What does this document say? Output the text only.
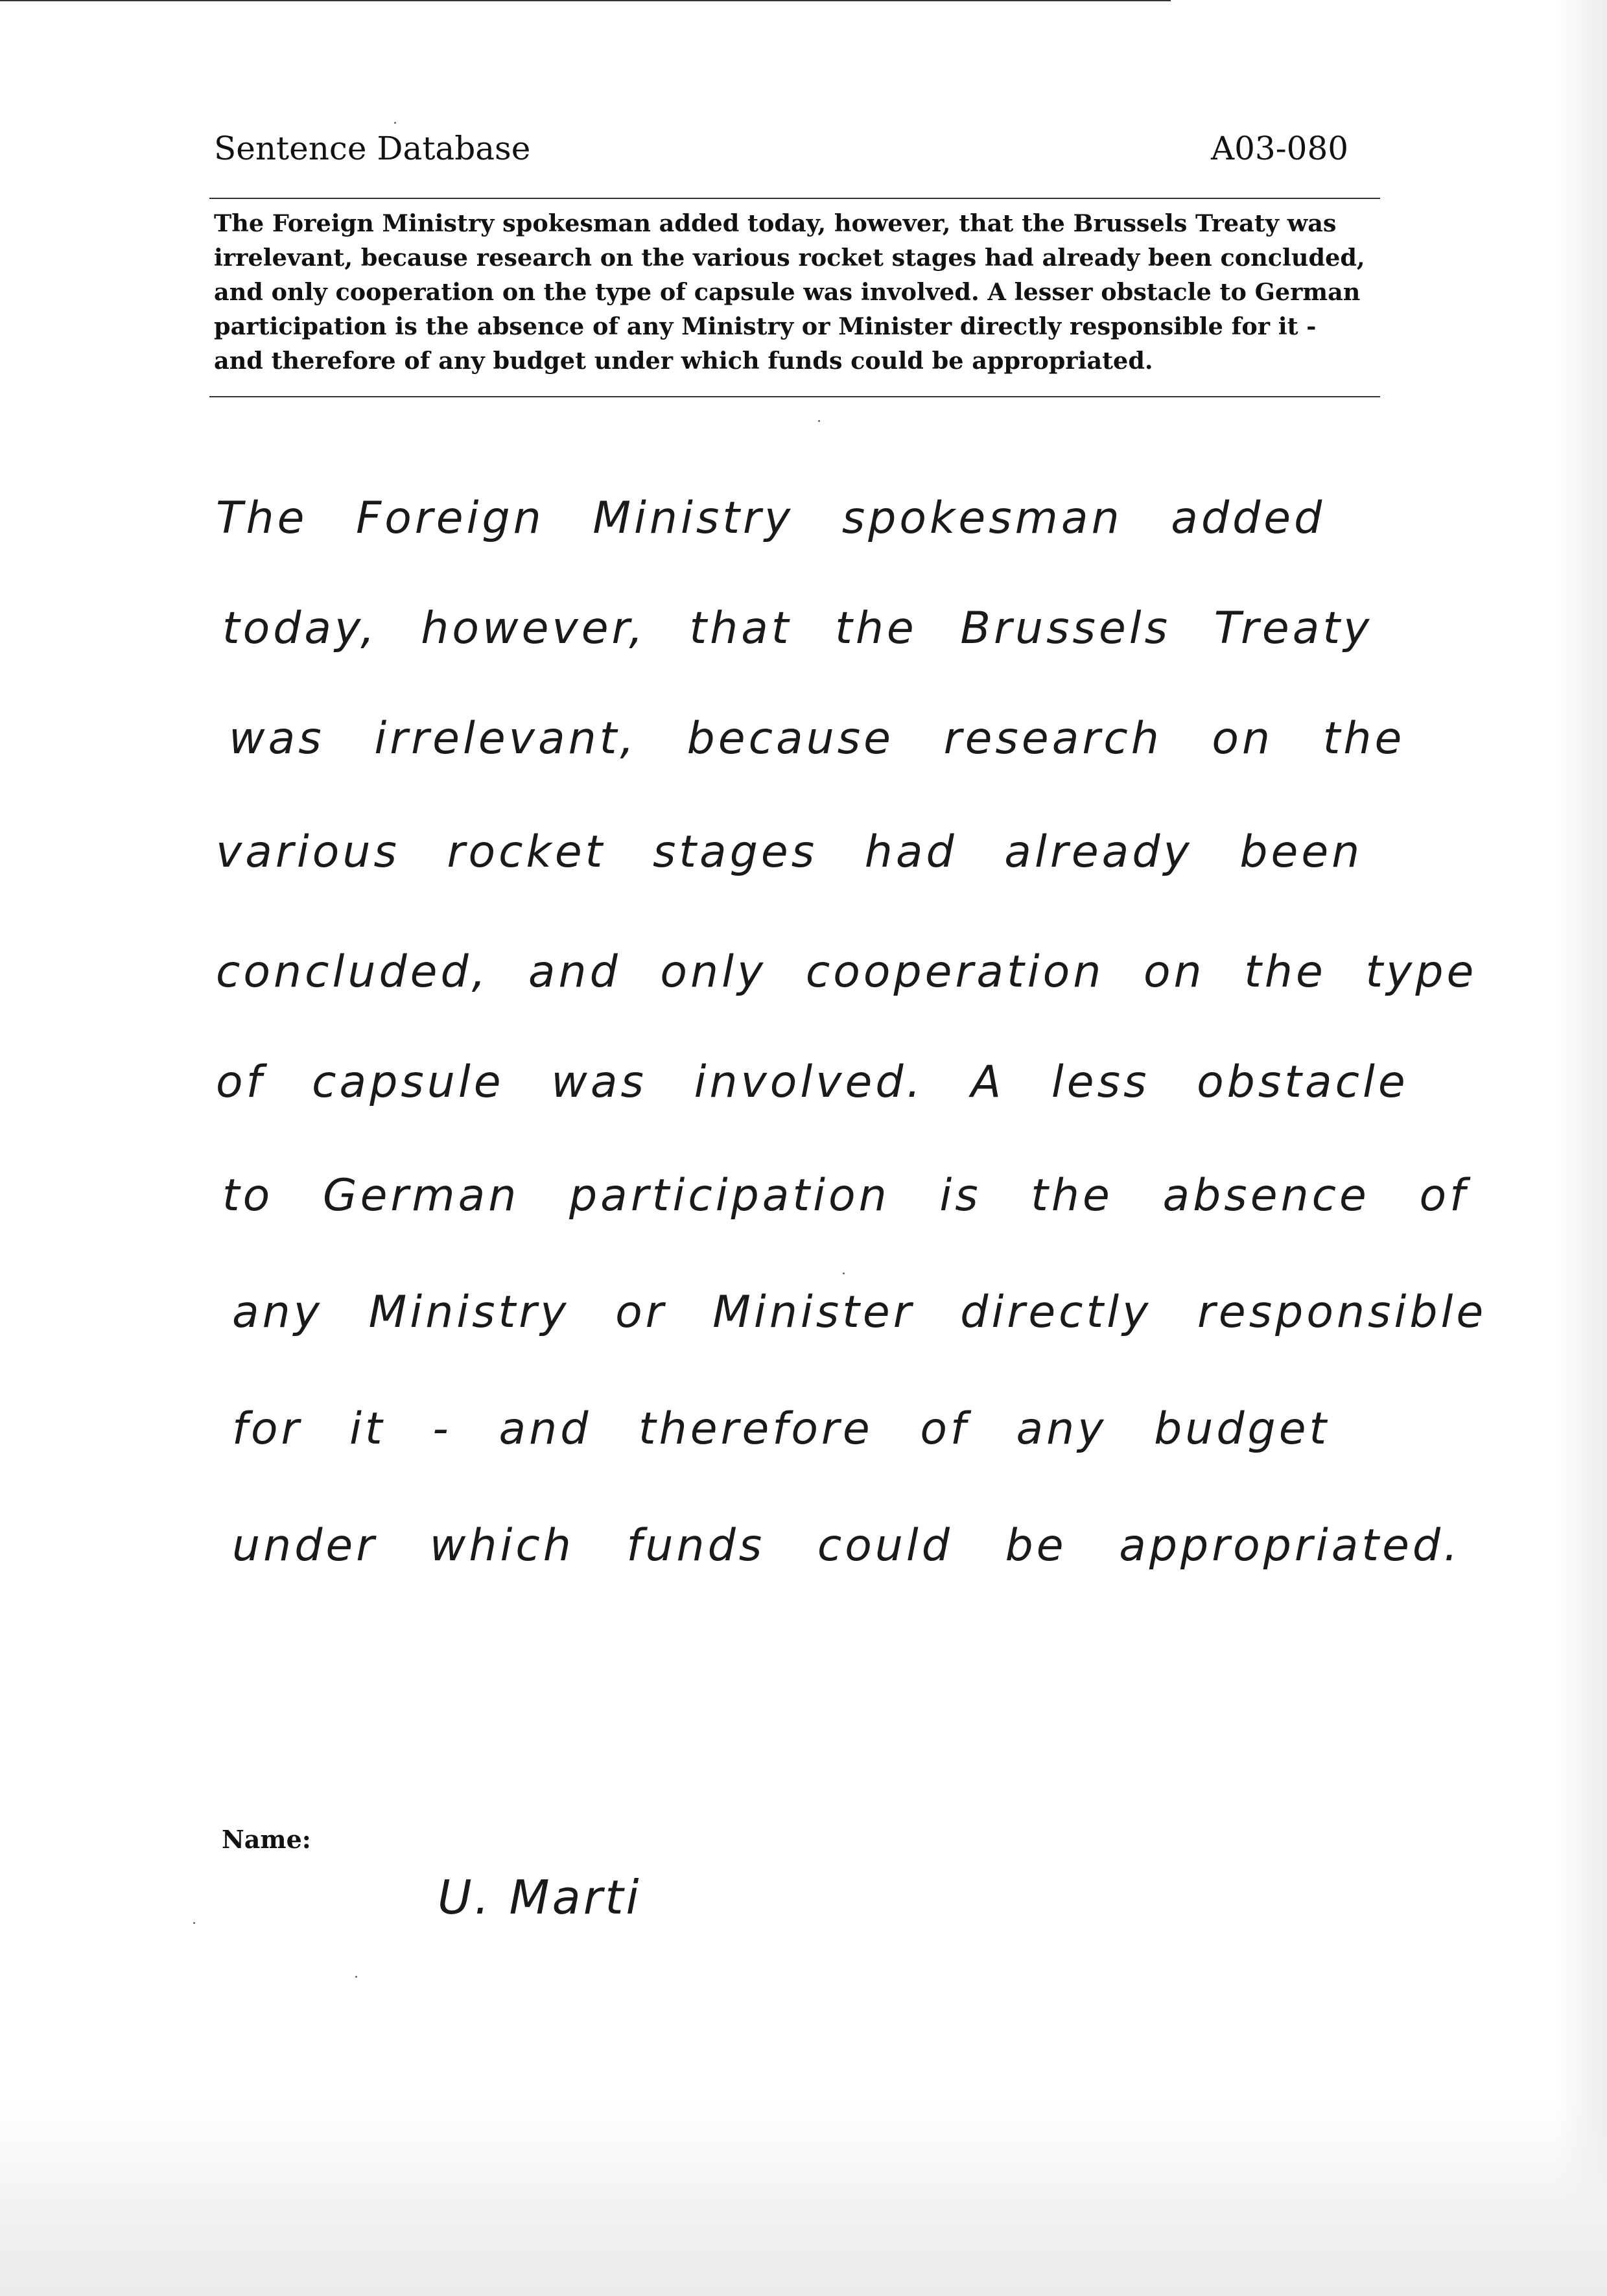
Sentence Database	A03-080
The Foreign Ministry spokesman added today, however, that the Brussels Treaty was
irrelevant, because research on the various rocket stages had already been concluded,
and only cooperation on the type of capsule was involved. A lesser obstacle to German
participation is the absence of any Ministry or Minister directly responsible for it -
and therefore of any budget under which funds could be appropriated.
The Foreign Ministry spokesman added
today, however, that the Brussels Treaty
was irrelevant, because research on the
various rocket stages had already been
concluded, and only cooperation on the type
of capsule was involved. A less obstacle
to German participation is the absence of
any Ministry or Minister directly responsible
for it - and therefore of any budget
under which funds could be appropriated.
Name:
U. Marti
